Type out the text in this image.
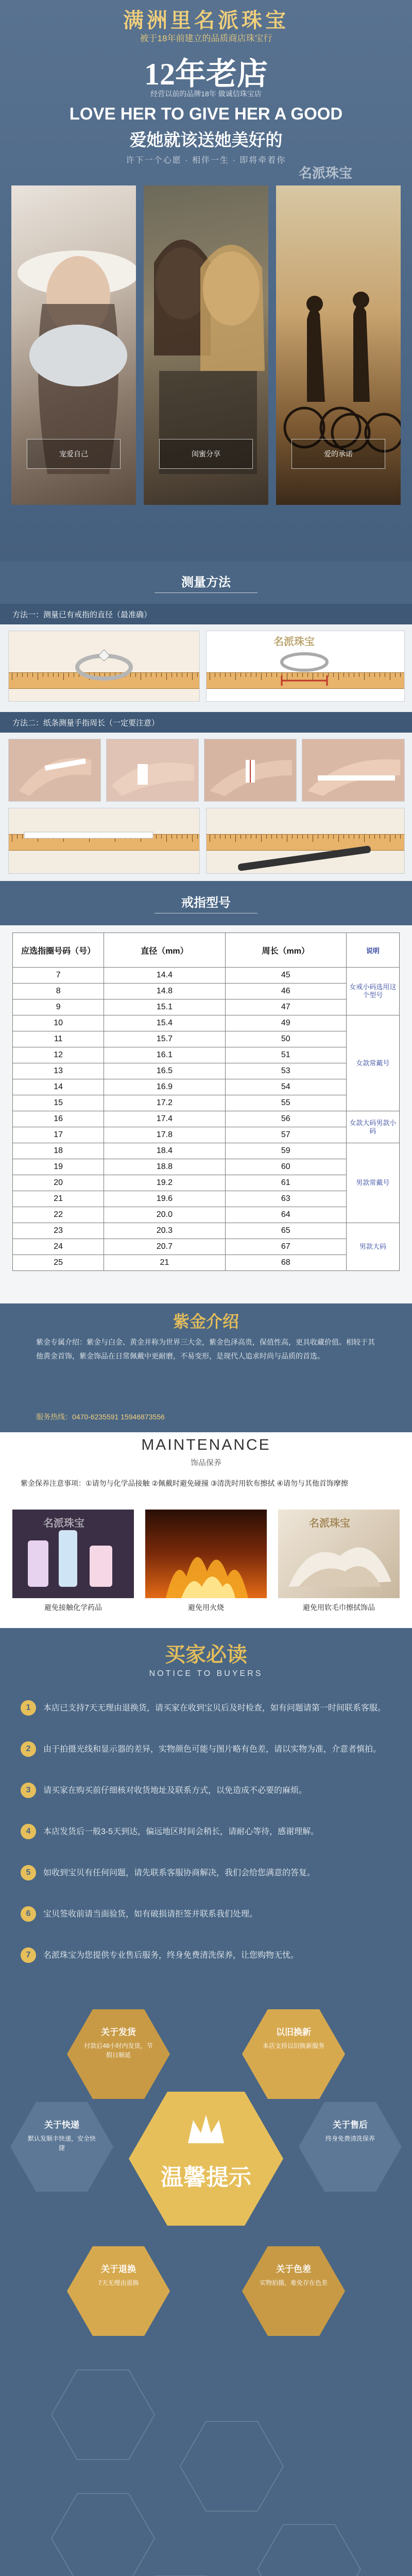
满洲里名派珠宝
被于18年前建立的品质商店珠宝行
12年老店
经营以前的品牌18年 做诚信珠宝店
LOVE HER TO GIVE HER A GOOD
爱她就该送她美好的
许下一个心愿 · 相伴一生 · 即将牵着你
名派珠宝
宠爱自己	闺蜜分享	爱的承诺
测量方法
方法一：测量已有戒指的直径（最准确）
名派珠宝
方法二：纸条测量手指周长（一定要注意）
戒指型号
应选指圈号码（号）	直径（mm）	周长（mm）	说明
7	14.4	45	女戒小码选用这个型号
8	14.8	46	
9	15.1	47	
10	15.4	49	女款常戴号
11	15.7	50	
12	16.1	51	
13	16.5	53	
14	16.9	54	
15	17.2	55	
16	17.4	56	女款大码男款小码
17	17.8	57	
18	18.4	59	男款常戴号
19	18.8	60	
20	19.2	61	
21	19.6	63	
22	20.0	64	
23	20.3	65	男款大码
24	20.7	67	
25	21	68	
紫金介绍
紫金专属介绍：紫金与白金、黄金并称为世界三大金，紫金色泽高贵，保值性高，更具收藏价值。相较于其他黄金首饰，紫金饰品在日常佩戴中更耐磨，不易变形，是现代人追求时尚与品质的首选。
服务热线：0470-6235591 15946873556
MAINTENANCE
饰品保养
紫金保养注意事项：①请勿与化学品接触 ②佩戴时避免碰撞 ③清洗时用软布擦拭 ④请勿与其他首饰摩擦
名派珠宝	名派珠宝
避免接触化学药品	避免用火烧	避免用软毛巾擦拭饰品
买家必读
NOTICE TO BUYERS
1	本店已支持7天无理由退换货，请买家在收到宝贝后及时检查，如有问题请第一时间联系客服。
2	由于拍摄光线和显示器的差异，实物颜色可能与图片略有色差，请以实物为准，介意者慎拍。
3	请买家在购买前仔细核对收货地址及联系方式，以免造成不必要的麻烦。
4	本店发货后一般3-5天到达，偏远地区时间会稍长，请耐心等待，感谢理解。
5	如收到宝贝有任何问题，请先联系客服协商解决，我们会给您满意的答复。
6	宝贝签收前请当面验货，如有破损请拒签并联系我们处理。
7	名派珠宝为您提供专业售后服务，终身免费清洗保养，让您购物无忧。
关于发货
付款后48小时内发货，节假日顺延
以旧换新
本店支持以旧换新服务
关于快递
默认发顺丰快递，安全快捷
温馨提示
关于售后
终身免费清洗保养
关于退换
7天无理由退换
关于色差
实物拍摄，难免存在色差
